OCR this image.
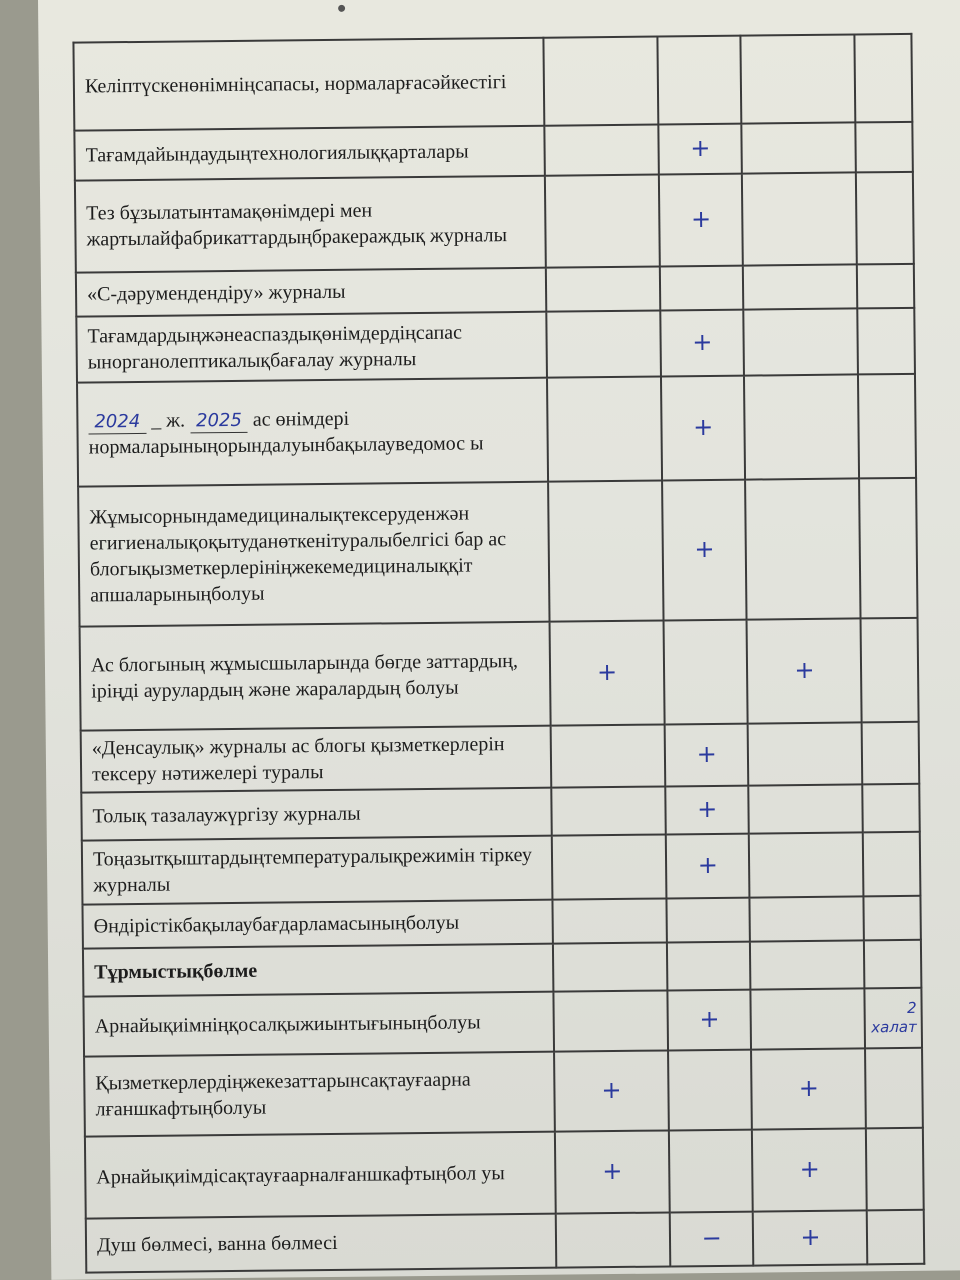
Келіптүскенөнімніңсапасы, нормаларғасәйкестігі				
Тағамдайындаудыңтехнологиялыққарталары		+		
Тез бұзылатынтамақөнімдері мен жартылайфабрикаттардыңбракераждық журналы		+		
«С-дәрумендендіру» журналы				
Тағамдардыңжәнеаспаздықөнімдердіңсапас ынорганолептикалықбағалау журналы		+		
2024 _ ж. 2025 ас өнімдері нормаларыныңорындалуынбақылауведомос ы		+		
Жұмысорнындамедициналықтексеруденжән егигиеналықоқытуданөткенітуралыбелгісі бар ас блогықызметкерлерініңжекемедициналыққіт апшаларыныңболуы		+		
Ас блогының жұмысшыларында бөгде заттардың, іріңді аурулардың және жаралардың болуы	+		+	
«Денсаулық» журналы ас блогы қызметкерлерін тексеру нәтижелері туралы		+		
Толық тазалаужүргізу журналы		+		
Тоңазытқыштардыңтемпературалықрежимін тіркеу журналы		+		
Өндірістікбақылаубағдарламасыныңболуы				
Тұрмыстықбөлме				
Арнайықиімніңқосалқыжиынтығыныңболуы		+		2 халат
Қызметкерлердіңжекезаттарынсақтауғаарна лғаншкафтыңболуы	+		+	
Арнайықиімдісақтауғаарналғаншкафтыңбол уы	+		+	
Душ бөлмесі, ванна бөлмесі		−	+	
